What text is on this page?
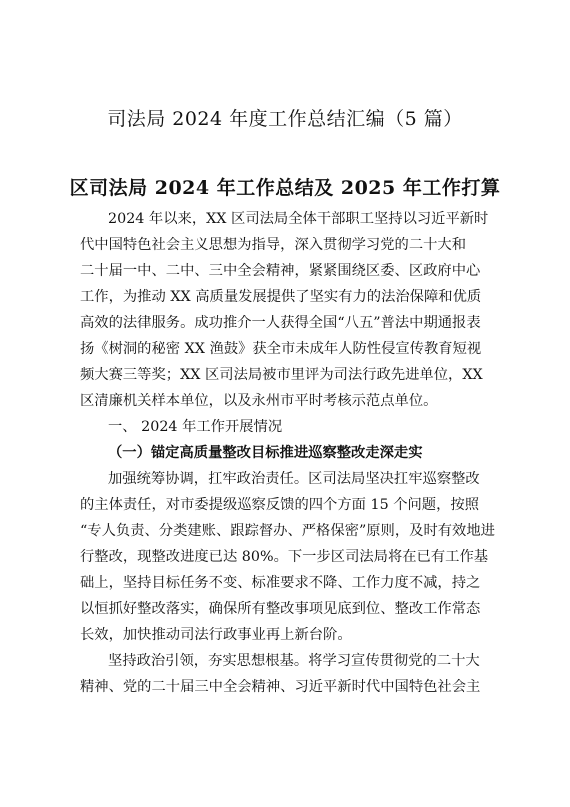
司法局 2024 年度工作总结汇编（5 篇）
区司法局 2024 年工作总结及 2025 年工作打算
2024 年以来，XX 区司法局全体干部职工坚持以习近平新时
代中国特色社会主义思想为指导，深入贯彻学习党的二十大和
二十届一中、二中、三中全会精神，紧紧围绕区委、区政府中心
工作，为推动 XX 高质量发展提供了坚实有力的法治保障和优质
高效的法律服务。成功推介一人获得全国“八五”普法中期通报表
扬《树洞的秘密 XX 渔鼓》获全市未成年人防性侵宣传教育短视
频大赛三等奖；XX 区司法局被市里评为司法行政先进单位，XX
区清廉机关样本单位，以及永州市平时考核示范点单位。
一、 2024 年工作开展情况
（一）锚定高质量整改目标推进巡察整改走深走实
加强统筹协调，扛牢政治责任。区司法局坚决扛牢巡察整改
的主体责任，对市委提级巡察反馈的四个方面 15 个问题，按照
“专人负责、分类建账、跟踪督办、严格保密”原则，及时有效地进
行整改，现整改进度已达 80%。下一步区司法局将在已有工作基
础上，坚持目标任务不变、标准要求不降、工作力度不减，持之
以恒抓好整改落实，确保所有整改事项见底到位、整改工作常态
长效，加快推动司法行政事业再上新台阶。
坚持政治引领，夯实思想根基。将学习宣传贯彻党的二十大
精神、党的二十届三中全会精神、习近平新时代中国特色社会主
